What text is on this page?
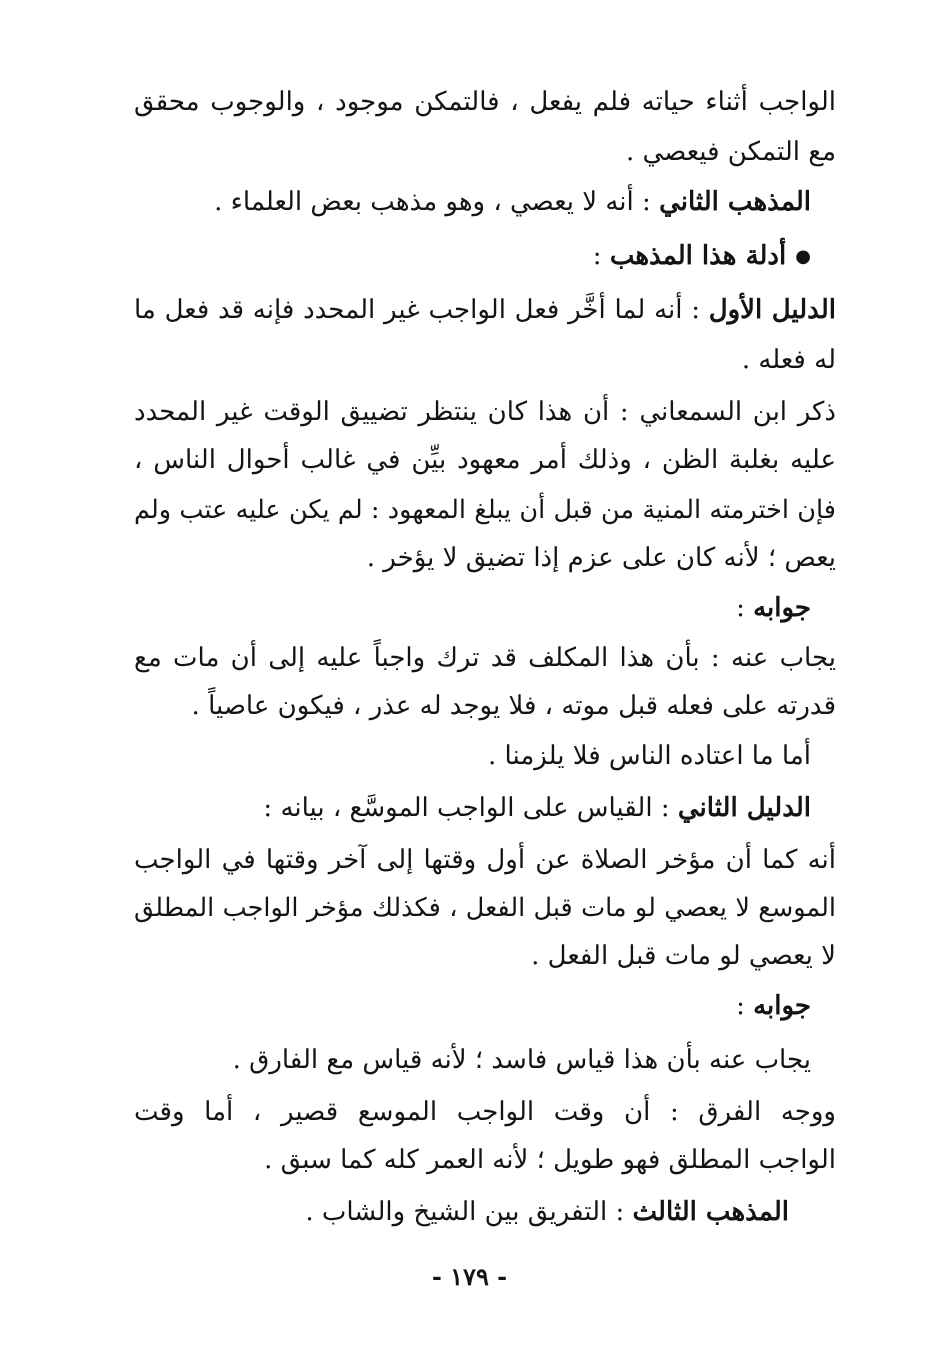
الواجب أثناء حياته فلم يفعل ، فالتمكن موجود ، والوجوب محقق
مع التمكن فيعصي .
المذهب الثاني : أنه لا يعصي ، وهو مذهب بعض العلماء .
● أدلة هذا المذهب :
الدليل الأول : أنه لما أخَّر فعل الواجب غير المحدد فإنه قد فعل ما
له فعله .
ذكر ابن السمعاني : أن هذا كان ينتظر تضييق الوقت غير المحدد
عليه بغلبة الظن ، وذلك أمر معهود بيِّن في غالب أحوال الناس ،
فإن اخترمته المنية من قبل أن يبلغ المعهود : لم يكن عليه عتب ولم
يعص ؛ لأنه كان على عزم إذا تضيق لا يؤخر .
جوابه :
يجاب عنه : بأن هذا المكلف قد ترك واجباً عليه إلى أن مات مع
قدرته على فعله قبل موته ، فلا يوجد له عذر ، فيكون عاصياً .
أما ما اعتاده الناس فلا يلزمنا .
الدليل الثاني : القياس على الواجب الموسَّع ، بيانه :
أنه كما أن مؤخر الصلاة عن أول وقتها إلى آخر وقتها في الواجب
الموسع لا يعصي لو مات قبل الفعل ، فكذلك مؤخر الواجب المطلق
لا يعصي لو مات قبل الفعل .
جوابه :
يجاب عنه بأن هذا قياس فاسد ؛ لأنه قياس مع الفارق .
ووجه الفرق : أن وقت الواجب الموسع قصير ، أما وقت
الواجب المطلق فهو طويل ؛ لأنه العمر كله كما سبق .
المذهب الثالث : التفريق بين الشيخ والشاب .
- ١٧٩ -
